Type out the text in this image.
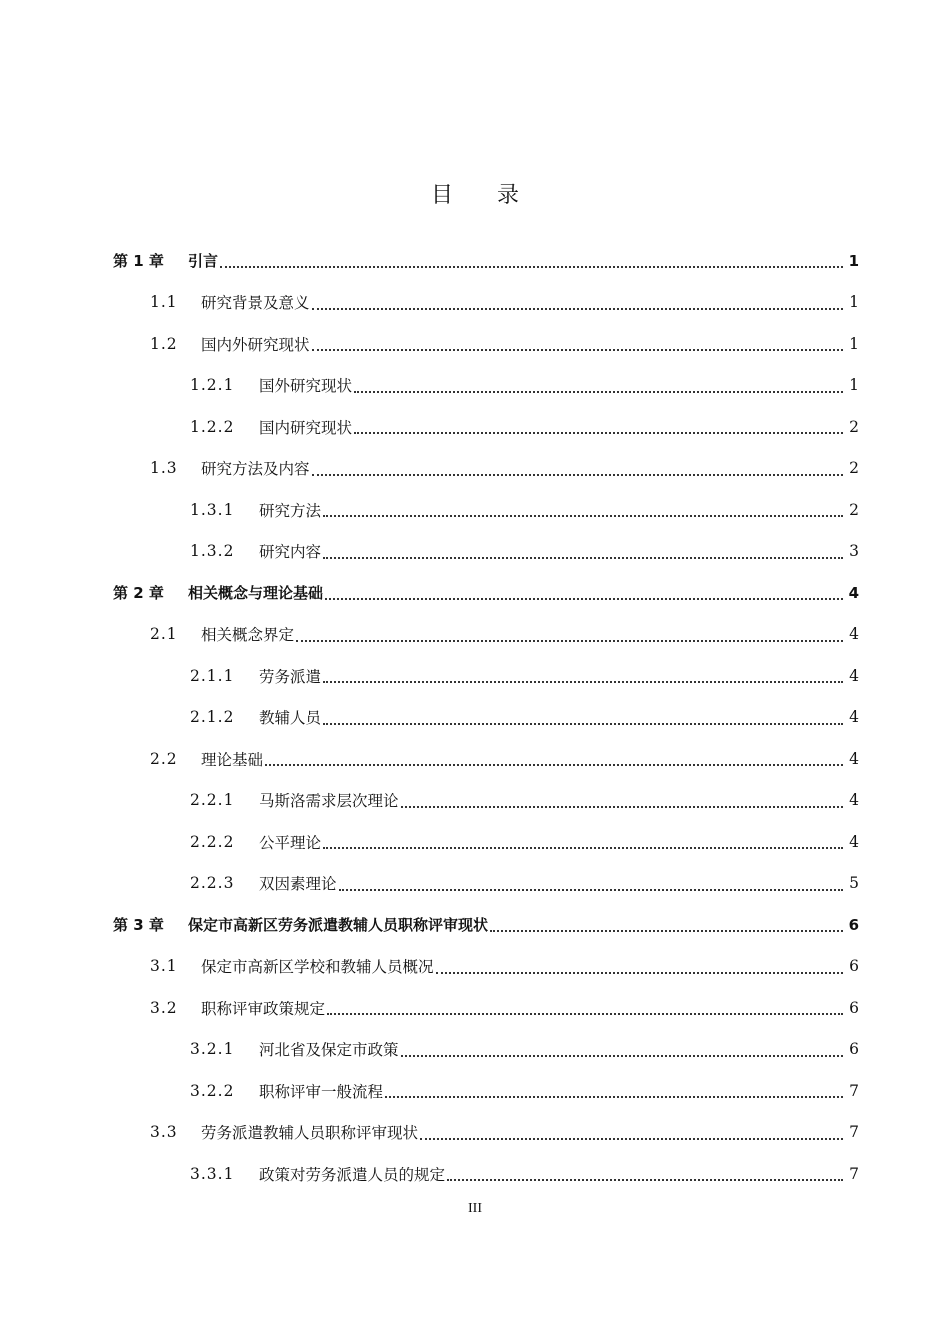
目录
第 1 章	引言	1
1.1	研究背景及意义	1
1.2	国内外研究现状	1
1.2.1	国外研究现状	1
1.2.2	国内研究现状	2
1.3	研究方法及内容	2
1.3.1	研究方法	2
1.3.2	研究内容	3
第 2 章	相关概念与理论基础	4
2.1	相关概念界定	4
2.1.1	劳务派遣	4
2.1.2	教辅人员	4
2.2	理论基础	4
2.2.1	马斯洛需求层次理论	4
2.2.2	公平理论	4
2.2.3	双因素理论	5
第 3 章	保定市高新区劳务派遣教辅人员职称评审现状	6
3.1	保定市高新区学校和教辅人员概况	6
3.2	职称评审政策规定	6
3.2.1	河北省及保定市政策	6
3.2.2	职称评审一般流程	7
3.3	劳务派遣教辅人员职称评审现状	7
3.3.1	政策对劳务派遣人员的规定	7
III
